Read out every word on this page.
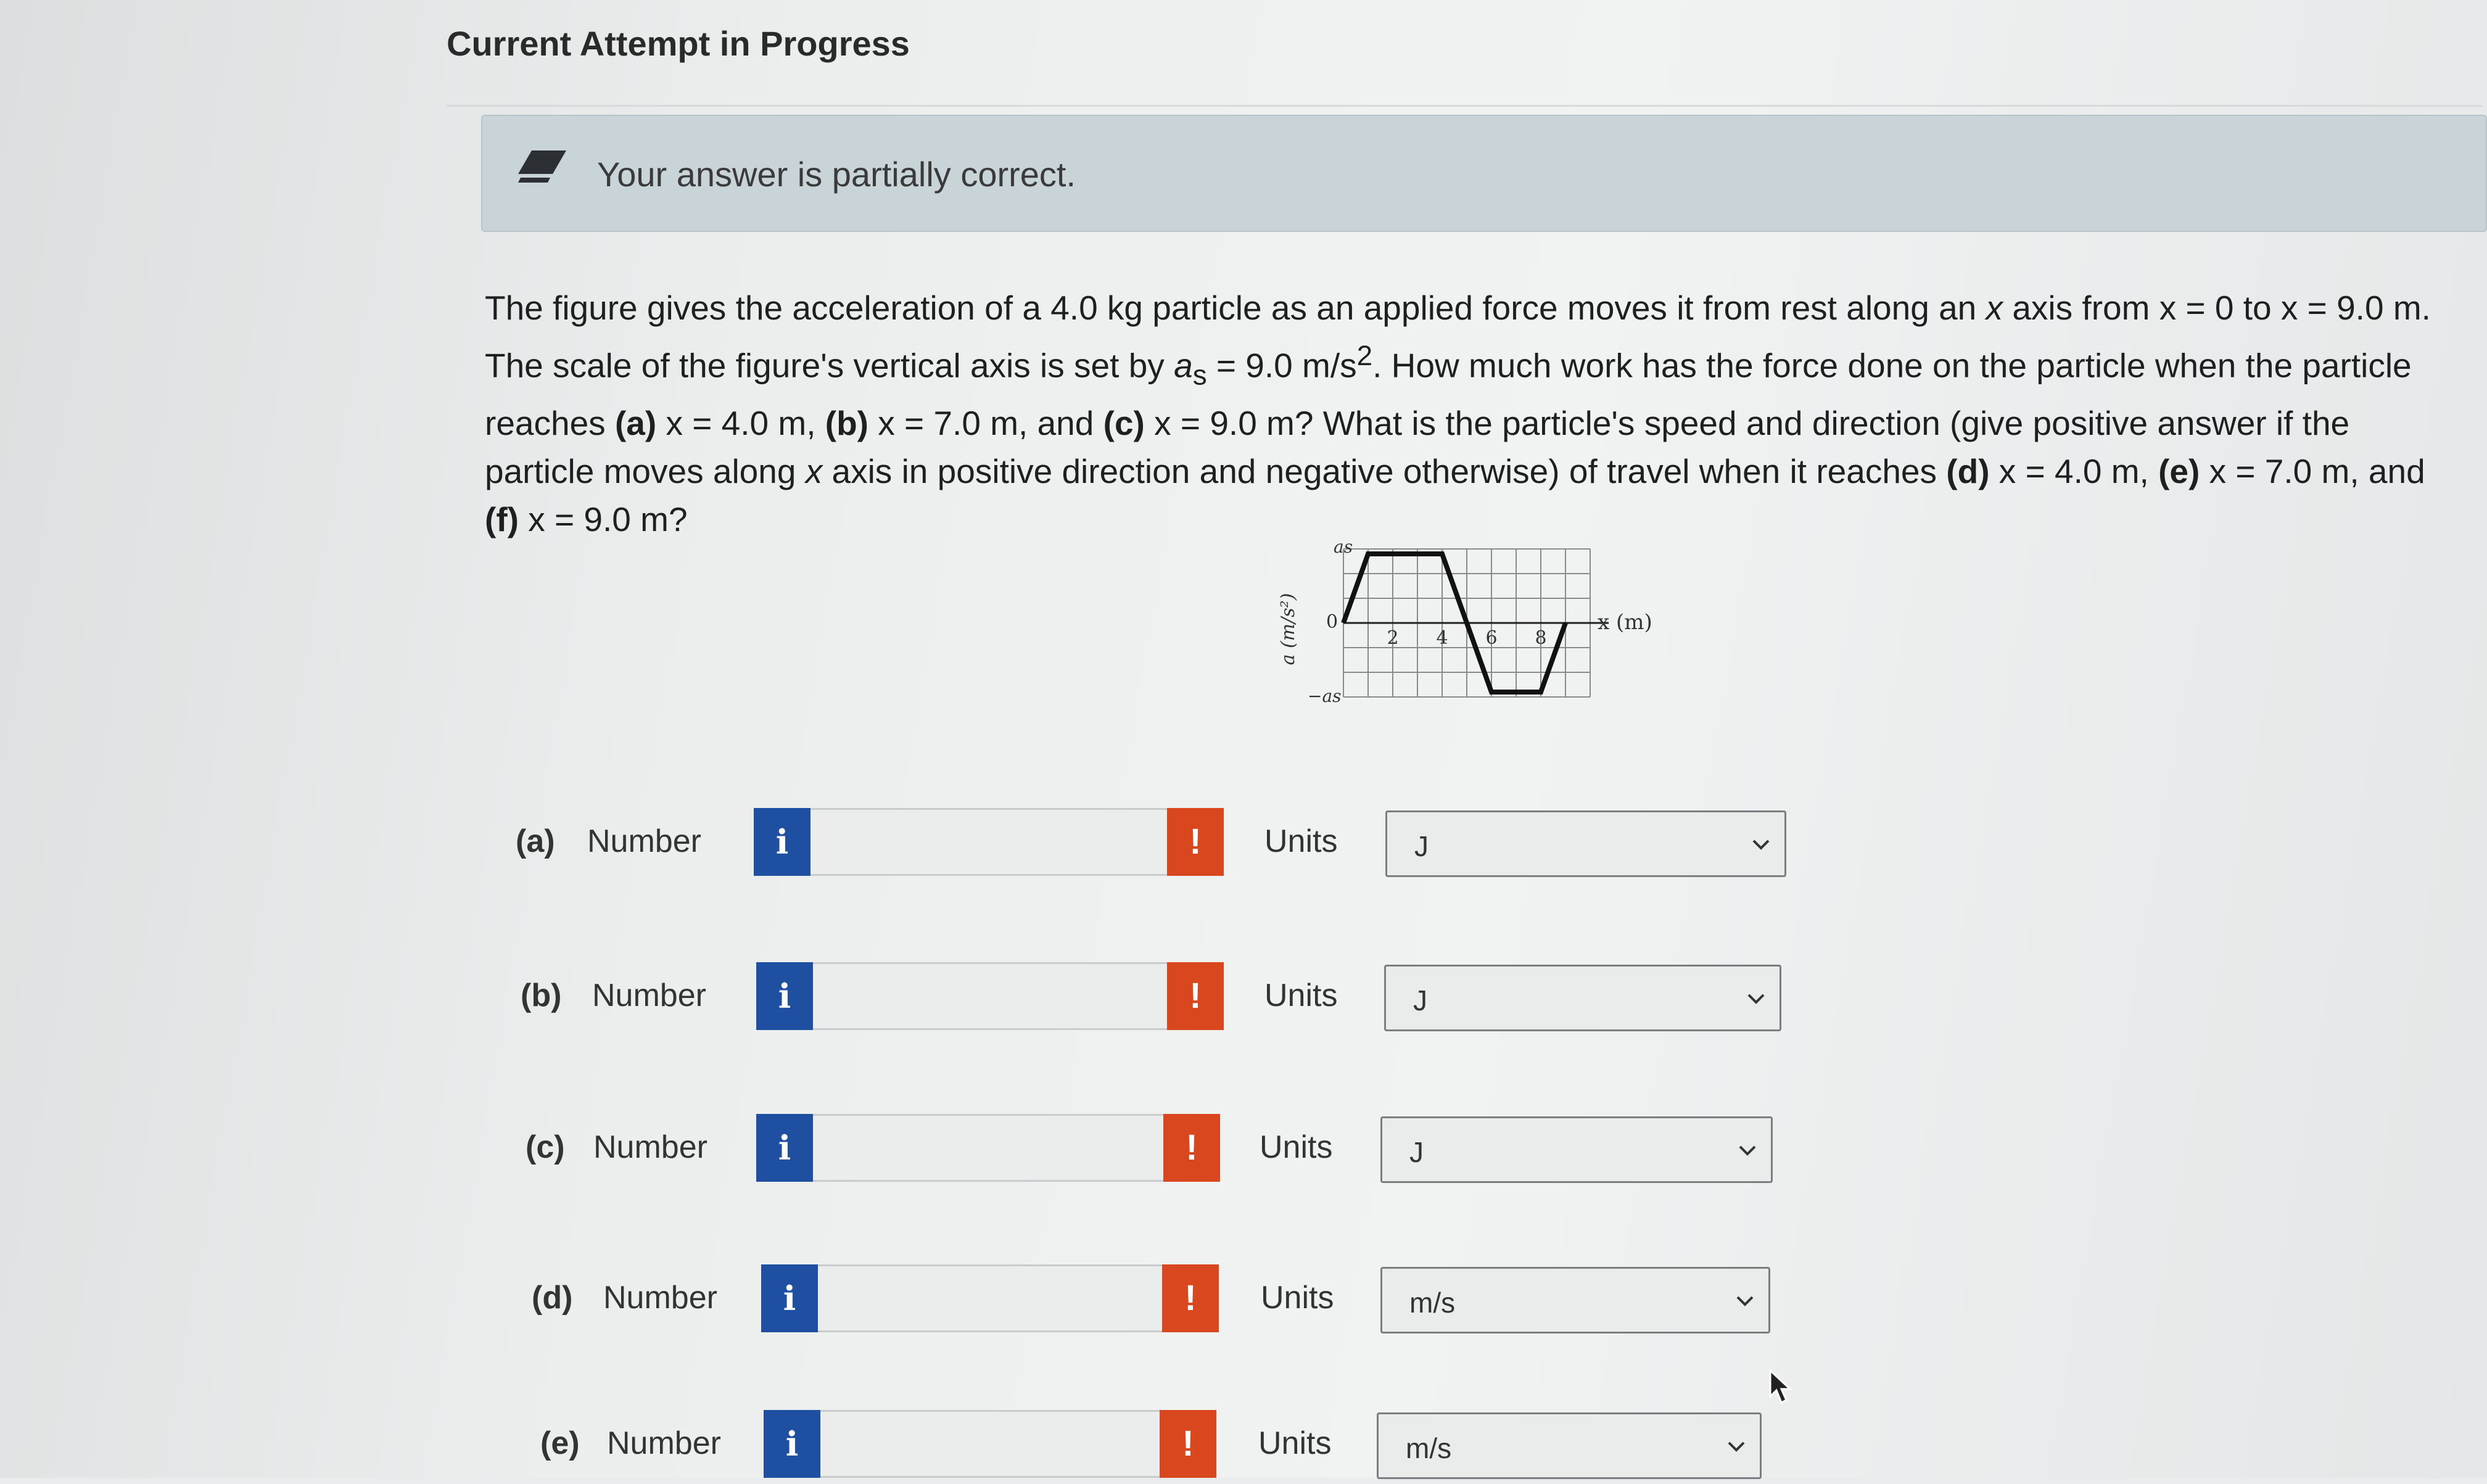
Current Attempt in Progress
Your answer is partially correct.

The figure gives the acceleration of a 4.0 kg particle as an applied force moves it from rest along an x axis from x = 0 to x = 9.0 m. The scale of the figure's vertical axis is set by $a_s = 9.0$ $m/s^2$. How much work has the force done on the particle when the particle reaches (a) x = 4.0 m, (b) x = 7.0 m, and (c) x = 9.0 m? What is the particle's speed and direction (give positive answer if the particle moves along x axis in positive direction and negative otherwise) of travel when it reaches (d) x = 4.0 m, (e) x = 7.0 m, and (f) x = 9.0 m?

a (m/s²)
as
0
−as
x (m)
2 4 6 8
(a) Number	i	!	Units	J
(b) Number	i	!	Units	J
(c) Number	i	!	Units	J
(d) Number	i	!	Units	m/s
(e) Number	i	!	Units	m/s
